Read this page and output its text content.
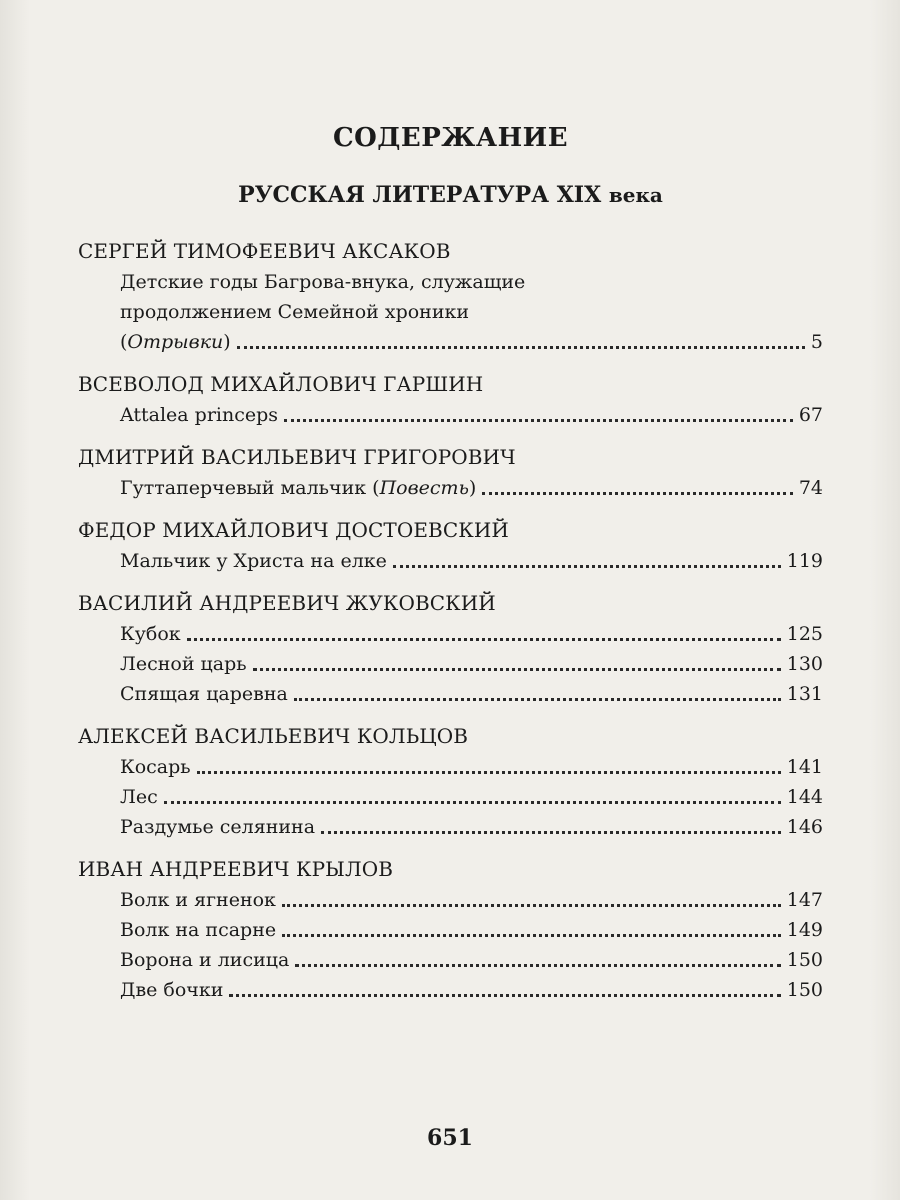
СОДЕРЖАНИЕ
РУССКАЯ ЛИТЕРАТУРА XIX века
СЕРГЕЙ ТИМОФЕЕВИЧ АКСАКОВ
Детские годы Багрова-внука, служащие
продолжением Семейной хроники
(Отрывки)	5
ВСЕВОЛОД МИХАЙЛОВИЧ ГАРШИН
Attalea princeps	67
ДМИТРИЙ ВАСИЛЬЕВИЧ ГРИГОРОВИЧ
Гуттаперчевый мальчик (Повесть)	74
ФЕДОР МИХАЙЛОВИЧ ДОСТОЕВСКИЙ
Мальчик у Христа на елке	119
ВАСИЛИЙ АНДРЕЕВИЧ ЖУКОВСКИЙ
Кубок	125
Лесной царь	130
Спящая царевна	131
АЛЕКСЕЙ ВАСИЛЬЕВИЧ КОЛЬЦОВ
Косарь	141
Лес	144
Раздумье селянина	146
ИВАН АНДРЕЕВИЧ КРЫЛОВ
Волк и ягненок	147
Волк на псарне	149
Ворона и лисица	150
Две бочки	150
651
